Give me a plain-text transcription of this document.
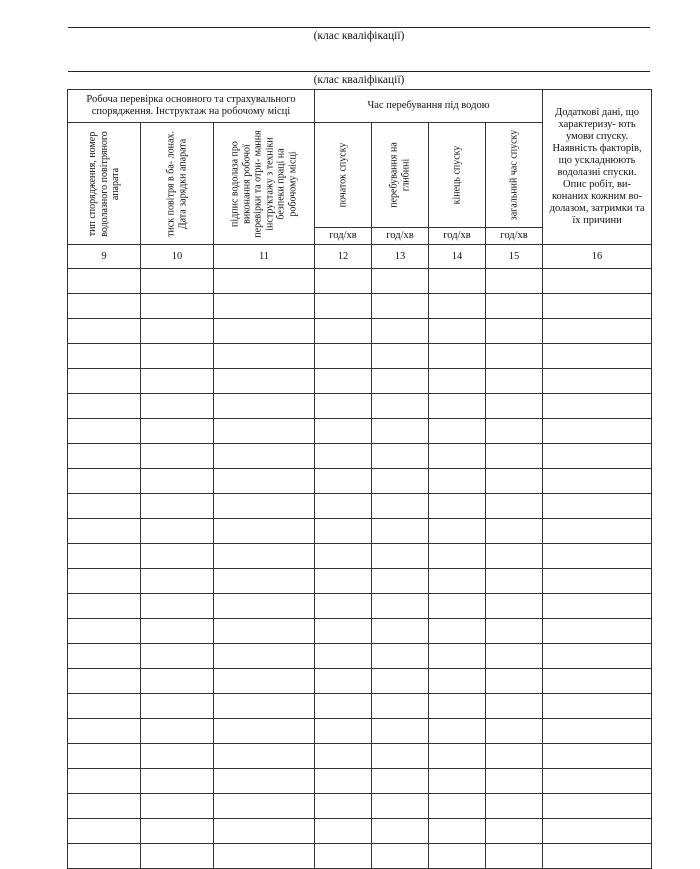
(клас кваліфікації)
(клас кваліфікації)
Робоча перевірка основного та страхувального спорядження. Інструктаж на робочому місці			Час перебування під водою				Додаткові дані, що характеризу- ють умови спуску. Наявність факторів, що ускладнюють водолазні спуски. Опис робіт, ви- конаних кожним во- долазом, затримки та їх причини

тип спорядження, номер водолазного повітряного апарата	тиск повітря в ба- лонах. Дата зарядки апарата	підпис водолаза про виконання робочої перевірки та отри- мання інструктажу з техніки безпеки праці на робочому місці	початок спуску	перебування на глибині	кінець спуску	загальний час спуску	

			год/хв	год/хв	год/хв	год/хв	
9	10	11	12	13	14	15	16
